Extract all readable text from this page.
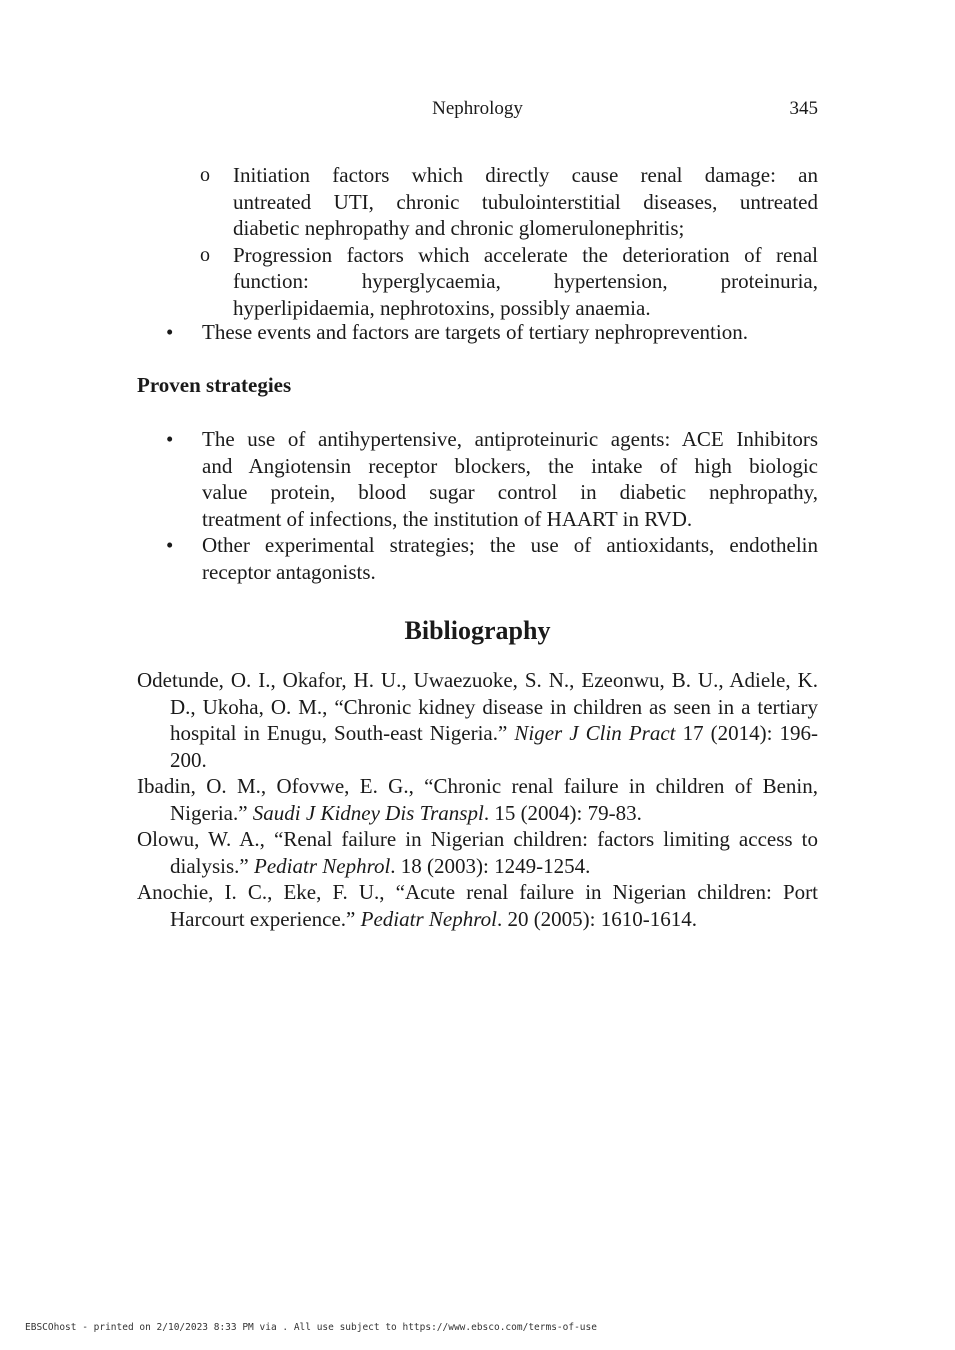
Nephrology	345
o Initiation factors which directly cause renal damage: an
untreated UTI, chronic tubulointerstitial diseases, untreated
diabetic nephropathy and chronic glomerulonephritis;
o Progression factors which accelerate the deterioration of renal
function: hyperglycaemia, hypertension, proteinuria,
hyperlipidaemia, nephrotoxins, possibly anaemia.
• These events and factors are targets of tertiary nephroprevention.
Proven strategies
• The use of antihypertensive, antiproteinuric agents: ACE Inhibitors
and Angiotensin receptor blockers, the intake of high biologic
value protein, blood sugar control in diabetic nephropathy,
treatment of infections, the institution of HAART in RVD.
• Other experimental strategies; the use of antioxidants, endothelin
receptor antagonists.
Bibliography
Odetunde, O. I., Okafor, H. U., Uwaezuoke, S. N., Ezeonwu, B. U., Adiele, K. D., Ukoha, O. M., “Chronic kidney disease in children as seen in a tertiary hospital in Enugu, South‐east Nigeria.” Niger J Clin Pract 17 (2014): 196‐200.
Ibadin, O. M., Ofovwe, E. G., “Chronic renal failure in children of Benin, Nigeria.” Saudi J Kidney Dis Transpl. 15 (2004): 79-83.
Olowu, W. A., “Renal failure in Nigerian children: factors limiting access to dialysis.” Pediatr Nephrol. 18 (2003): 1249-1254.
Anochie, I. C., Eke, F. U., “Acute renal failure in Nigerian children: Port Harcourt experience.” Pediatr Nephrol. 20 (2005): 1610-1614.
EBSCOhost - printed on 2/10/2023 8:33 PM via . All use subject to https://www.ebsco.com/terms-of-use
